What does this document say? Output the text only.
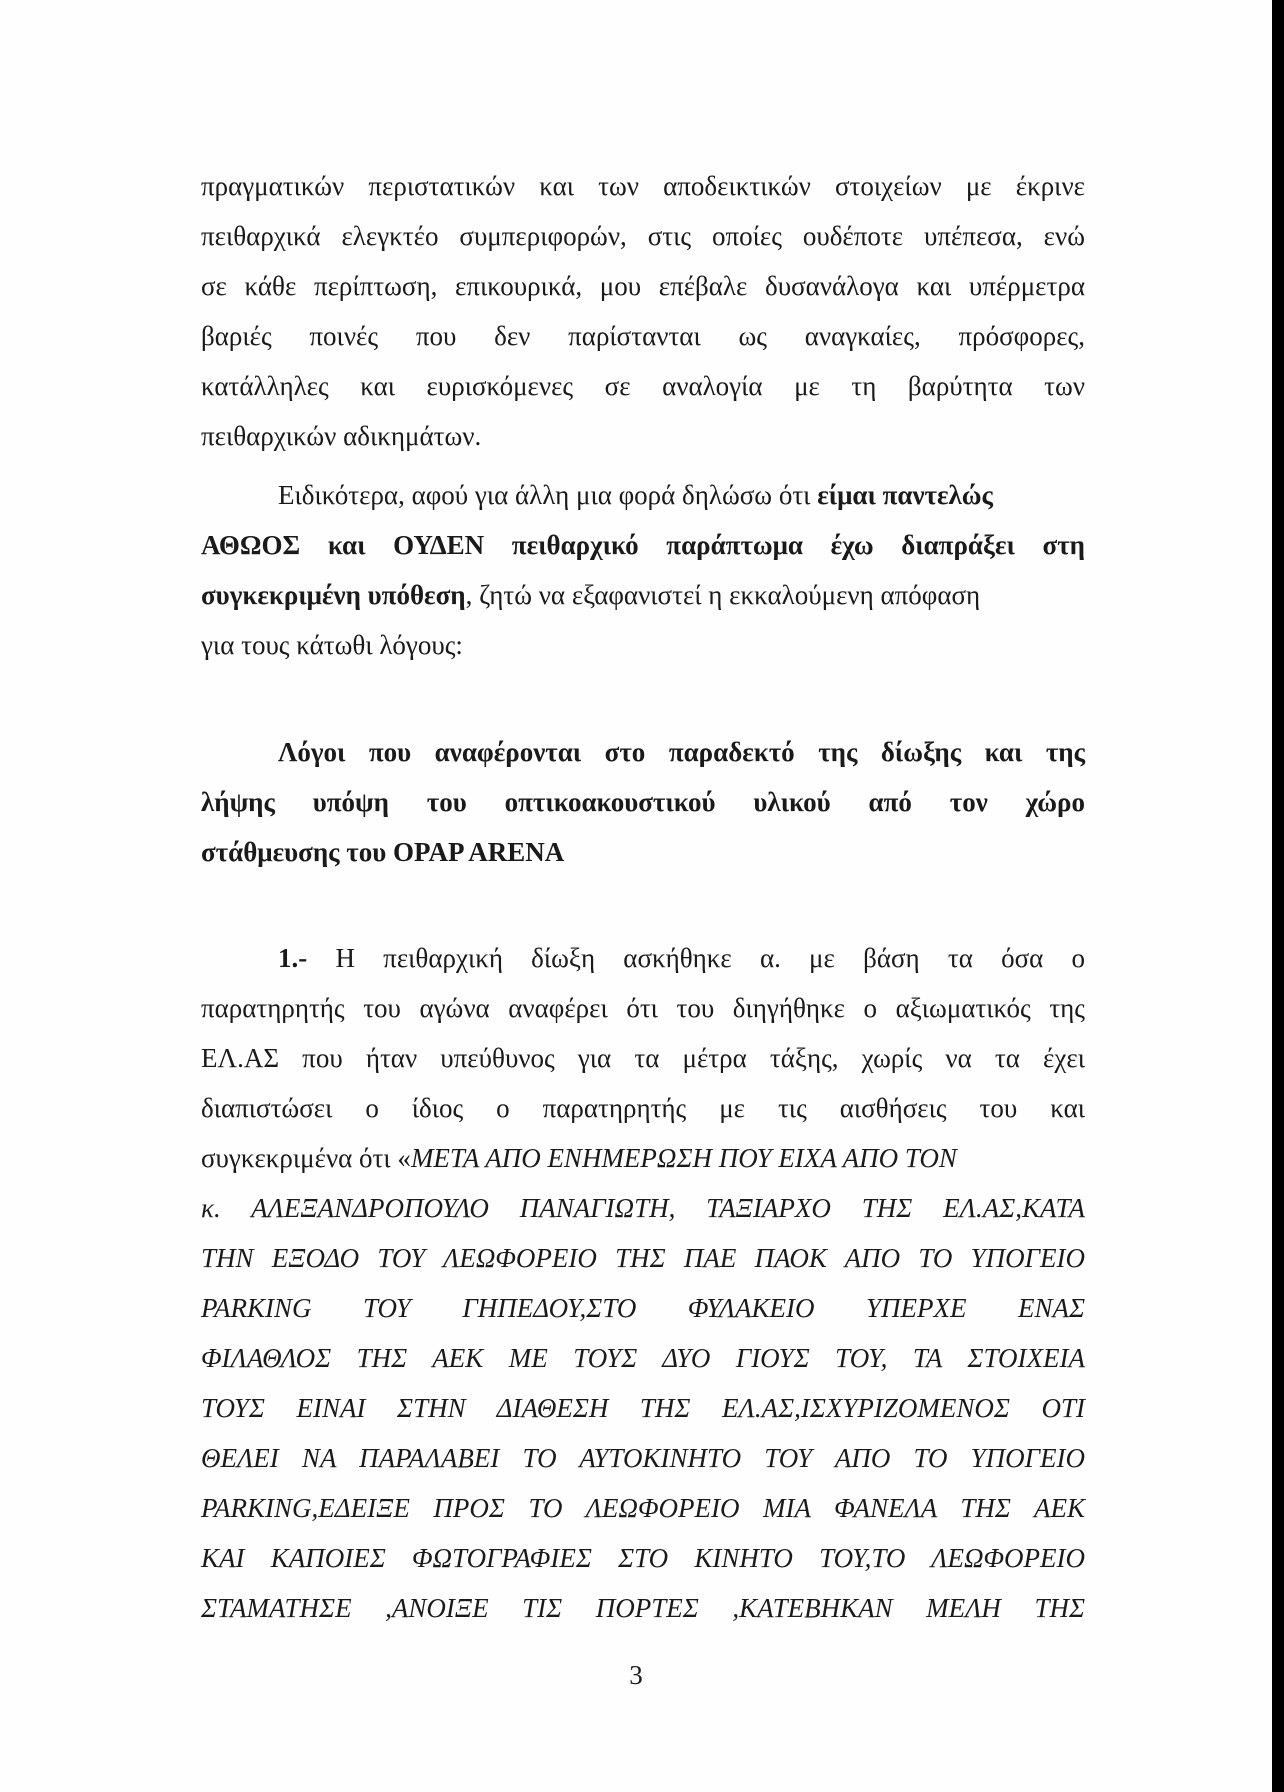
πραγματικών περιστατικών και των αποδεικτικών στοιχείων με έκρινε
πειθαρχικά ελεγκτέο συμπεριφορών, στις οποίες ουδέποτε υπέπεσα, ενώ
σε κάθε περίπτωση, επικουρικά, μου επέβαλε δυσανάλογα και υπέρμετρα
βαριές ποινές που δεν παρίστανται ως αναγκαίες, πρόσφορες,
κατάλληλες και ευρισκόμενες σε αναλογία με τη βαρύτητα των
πειθαρχικών αδικημάτων.
Ειδικότερα, αφού για άλλη μια φορά δηλώσω ότι είμαι παντελώς
ΑΘΩΟΣ και ΟΥΔΕΝ πειθαρχικό παράπτωμα έχω διαπράξει στη
συγκεκριμένη υπόθεση, ζητώ να εξαφανιστεί η εκκαλούμενη απόφαση
για τους κάτωθι λόγους:
Λόγοι που αναφέρονται στο παραδεκτό της δίωξης και της
λήψης υπόψη του οπτικοακουστικού υλικού από τον χώρο
στάθμευσης του OPAP ARENA
1.- Η πειθαρχική δίωξη ασκήθηκε α. με βάση τα όσα ο
παρατηρητής του αγώνα αναφέρει ότι του διηγήθηκε ο αξιωματικός της
ΕΛ.ΑΣ που ήταν υπεύθυνος για τα μέτρα τάξης, χωρίς να τα έχει
διαπιστώσει ο ίδιος ο παρατηρητής με τις αισθήσεις του και
συγκεκριμένα ότι «ΜΕΤΑ ΑΠΟ ΕΝΗΜΕΡΩΣΗ ΠΟΥ ΕΙΧΑ ΑΠΟ ΤΟΝ
κ. ΑΛΕΞΑΝΔΡΟΠΟΥΛΟ ΠΑΝΑΓΙΩΤΗ, ΤΑΞΙΑΡΧΟ ΤΗΣ ΕΛ.ΑΣ,ΚΑΤΑ
ΤΗΝ ΕΞΟΔΟ ΤΟΥ ΛΕΩΦΟΡΕΙΟ ΤΗΣ ΠΑΕ ΠΑΟΚ ΑΠΟ ΤΟ ΥΠΟΓΕΙΟ
PARKING ΤΟΥ ΓΗΠΕΔΟΥ,ΣΤΟ ΦΥΛΑΚΕΙΟ ΥΠΕΡΧΕ ΕΝΑΣ
ΦΙΛΑΘΛΟΣ ΤΗΣ ΑΕΚ ΜΕ ΤΟΥΣ ΔΥΟ ΓΙΟΥΣ ΤΟΥ, ΤΑ ΣΤΟΙΧΕΙΑ
ΤΟΥΣ ΕΙΝΑΙ ΣΤΗΝ ΔΙΑΘΕΣΗ ΤΗΣ ΕΛ.ΑΣ,ΙΣΧΥΡΙΖΟΜΕΝΟΣ ΟΤΙ
ΘΕΛΕΙ ΝΑ ΠΑΡΑΛΑΒΕΙ ΤΟ ΑΥΤΟΚΙΝΗΤΟ ΤΟΥ ΑΠΟ ΤΟ ΥΠΟΓΕΙΟ
PARKING,ΕΔΕΙΞΕ ΠΡΟΣ ΤΟ ΛΕΩΦΟΡΕΙΟ ΜΙΑ ΦΑΝΕΛΑ ΤΗΣ ΑΕΚ
ΚΑΙ ΚΑΠΟΙΕΣ ΦΩΤΟΓΡΑΦΙΕΣ ΣΤΟ ΚΙΝΗΤΟ ΤΟΥ,ΤΟ ΛΕΩΦΟΡΕΙΟ
ΣΤΑΜΑΤΗΣΕ ,ΑΝΟΙΞΕ ΤΙΣ ΠΟΡΤΕΣ ,ΚΑΤΕΒΗΚΑΝ ΜΕΛΗ ΤΗΣ
3
